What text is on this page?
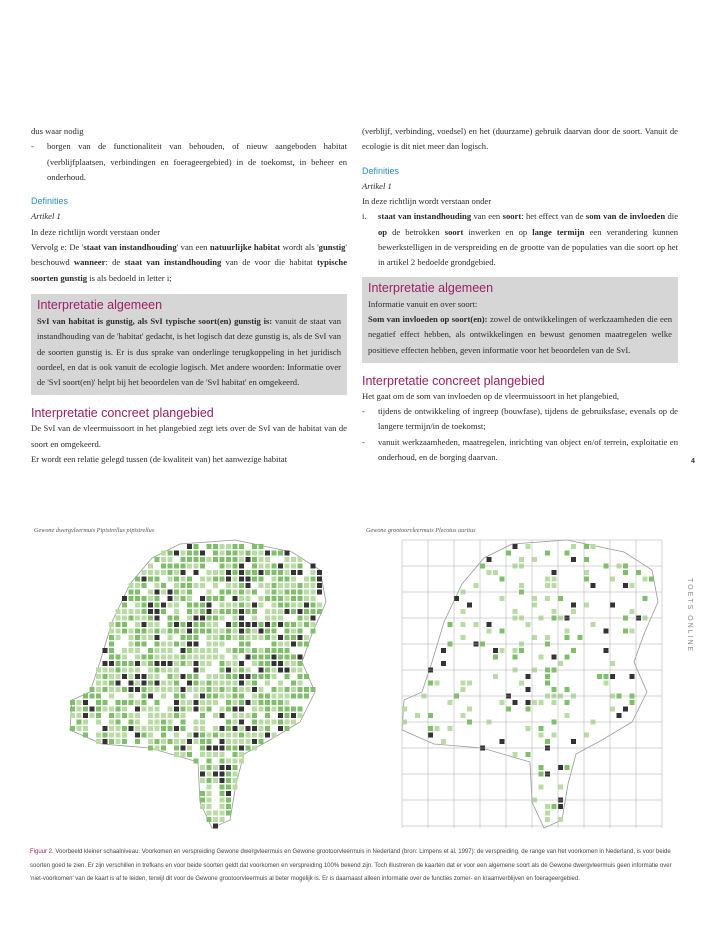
dus waar nodig

-	borgen van de functionaliteit van behouden, of nieuw aangeboden habitat (verblijfplaatsen, verbindingen en foerageergebied) in de toekomst, in beheer en onderhoud.

Definities

Artikel 1

In deze richtlijn wordt verstaan onder

Vervolg e: De 'staat van instandhouding' van een natuurlijke habitat wordt als 'gunstig' beschouwd wanneer: de staat van instandhouding van de voor die habitat typische soorten gunstig is als bedoeld in letter i;

Interpretatie algemeen

SvI van habitat is gunstig, als SvI typische soort(en) gunstig is: vanuit de staat van instandhouding van de 'habitat' gedacht, is het logisch dat deze gunstig is, als de SvI van de soorten gunstig is. Er is dus sprake van onderlinge terugkoppeling in het juridisch oordeel, en dat is ook vanuit de ecologie logisch. Met andere woorden: Informatie over de 'SvI soort(en)' helpt bij het beoordelen van de 'SvI habitat' en omgekeerd.

Interpretatie concreet plangebied

De SvI van de vleermuissoort in het plangebied zegt iets over de SvI van de habitat van de soort en omgekeerd.

Er wordt een relatie gelegd tussen (de kwaliteit van) het aanwezige habitat

(verblijf, verbinding, voedsel) en het (duurzame) gebruik daarvan door de soort. Vanuit de ecologie is dit niet meer dan logisch.

Definities

Artikel 1

In deze richtlijn wordt verstaan onder

i.	staat van instandhouding van een soort: het effect van de som van de invloeden die op de betrokken soort inwerken en op lange termijn een verandering kunnen bewerkstelligen in de verspreiding en de grootte van de populaties van die soort op het in artikel 2 bedoelde grondgebied.

Interpretatie algemeen

Informatie vanuit en over soort:

Som van invloeden op soort(en): zowel de ontwikkelingen of werkzaamheden die een negatief effect hebben, als ontwikkelingen en bewust genomen maatregelen welke positieve effecten hebben, geven informatie voor het beoordelen van de SvI.

Interpretatie concreet plangebied

Het gaat om de som van invloeden op de vleermuissoort in het plangebied,

-	tijdens de ontwikkeling of ingreep (bouwfase), tijdens de gebruiksfase, evenals op de langere termijn/in de toekomst;
-	vanuit werkzaamheden, maatregelen, inrichting van object en/of terrein, exploitatie en onderhoud, en de borging daarvan.	4
TOETS ONLINE
Gewone dwergvleermuis Pipistrellus pipistrellus	Gewone grootoorvleermuis Plecotus auritus
Figuur 2. Voorbeeld kleiner schaalniveau. Voorkomen en verspreiding Gewone dwergvleermuis en Gewone grootoorvleermuis in Nederland (bron: Limpens et al. 1997): de verspreiding, de range van het voorkomen in Nederland, is voor beide soorten goed te zien. Er zijn verschillen in trefkans en voor beide soorten geldt dat voorkomen en verspreiding 100% bekend zijn. Toch illustreren de kaarten dat er voor een algemene soort als de Gewone dwergvleermuis geen informatie over 'niet-voorkomen' van de kaart is af te leiden, terwijl dit voor de Gewone grootoorvleermuis al beter mogelijk is. Er is daarnaast alleen informatie over de functies zomer- en kraamverblijven en foerageergebied.
